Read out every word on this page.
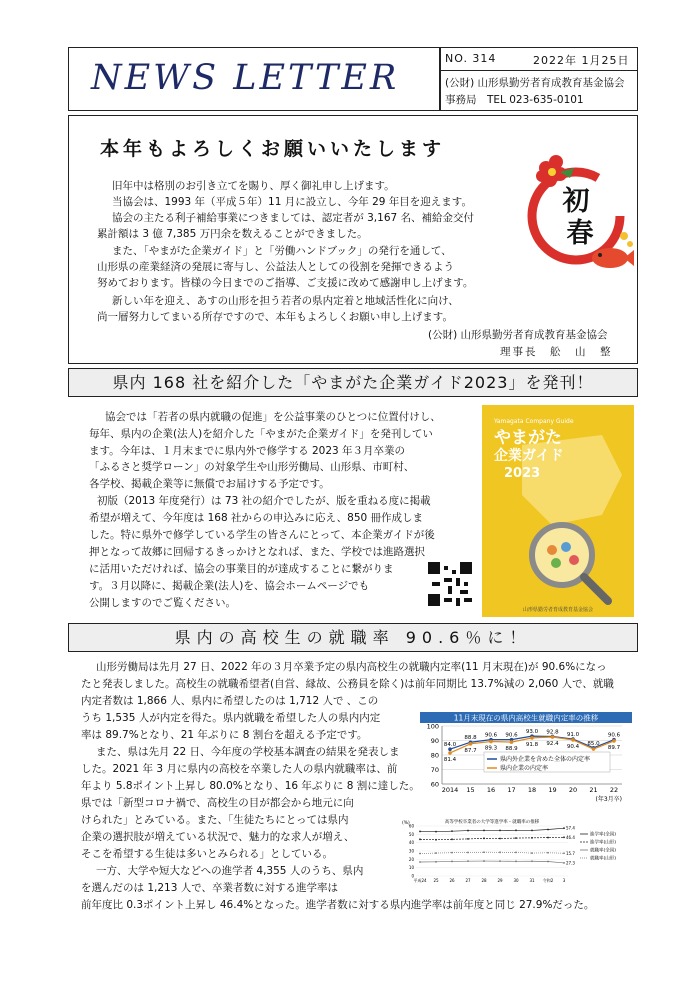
NEWS LETTER	NO. 314	2022年 1月25日
(公財) 山形県勤労者育成教育基金協会
事務局　TEL 023-635-0101
本年もよろしくお願いいたします
旧年中は格別のお引き立てを賜り、厚く御礼申し上げます。
当協会は、1993 年（平成５年）11 月に設立し、今年 29 年目を迎えます。
協会の主たる利子補給事業につきましては、認定者が 3,167 名、補給金交付
累計額は 3 億 7,385 万円余を数えることができました。
また、「やまがた企業ガイド」と「労働ハンドブック」の発行を通して、
山形県の産業経済の発展に寄与し、公益法人としての役割を発揮できるよう
努めております。皆様の今日までのご指導、ご支援に改めて感謝申し上げます。
新しい年を迎え、あすの山形を担う若者の県内定着と地域活性化に向け、
尚一層努力してまいる所存ですので、本年もよろしくお願い申し上げます。
(公財) 山形県勤労者育成教育基金協会
理事長　舩　山　整
初
春
県内 168 社を紹介した「やまがた企業ガイド2023」を発刊！
協会では「若者の県内就職の促進」を公益事業のひとつに位置付けし、
毎年、県内の企業(法人)を紹介した「やまがた企業ガイド」を発刊してい
ます。今年は、１月末までに県内外で修学する 2023 年３月卒業の
「ふるさと奨学ローン」の対象学生や山形労働局、山形県、市町村、
各学校、掲載企業等に無償でお届けする予定です。
初版（2013 年度発行）は 73 社の紹介でしたが、版を重ねる度に掲載
希望が増えて、今年度は 168 社からの申込みに応え、850 冊作成しま
した。特に県外で修学している学生の皆さんにとって、本企業ガイドが後
押となって故郷に回帰するきっかけとなれば、また、学校では進路選択
に活用いただければ、協会の事業目的が達成することに繋がりま
す。３月以降に、掲載企業(法人)を、協会ホームページでも
公開しますのでご覧ください。
Yamagata Company Guide
やまがた
企業ガイド
2023
山形県勤労者育成教育基金協会
県内の高校生の就職率 90.6％に！
山形労働局は先月 27 日、2022 年の３月卒業予定の県内高校生の就職内定率(11 月末現在)が 90.6%になっ
たと発表しました。高校生の就職希望者(自営、縁故、公務員を除く)は前年同期比 13.7%減の 2,060 人で、就職
内定者数は 1,866 人、県内に希望したのは 1,712 人で 、この
うち 1,535 人が内定を得た。県内就職を希望した人の県内内定
率は 89.7%となり、21 年ぶりに 8 割台を超える予定です。
また、県は先月 22 日、今年度の学校基本調査の結果を発表しま
した。2021 年 3 月に県内の高校を卒業した人の県内就職率は、前
年より 5.8ポイント上昇し 80.0%となり、16 年ぶりに 8 割に達した。
県では「新型コロナ禍で、高校生の目が都会から地元に向
けられた」とみている。また、「生徒たちにとっては県内
企業の選択肢が増えている状況で、魅力的な求人が増え、
そこを希望する生徒は多いとみられる」としている。
一方、大学や短大などへの進学者 4,355 人のうち、県内
を選んだのは 1,213 人で、卒業者数に対する進学率は
前年度比 0.3ポイント上昇し 46.4%となった。進学者数に対する県内進学率は前年度と同じ 27.9%だった。
11月末現在の県内高校生就職内定率の推移
60
70
80
90
100
2014 15 16 17 18 19 20 21 22
(年3月卒)
84.0
88.8 90.6 90.6
93.0 92.8 91.0
85.0
90.6
81.4
87.7 89.3 88.9
91.8 92.4 90.4	89.7
県内外企業を含めた全体の内定率
県内企業の内定率
高等学校卒業者の大学等進学率・就職率の推移
(%)
0
10
20
30
40
50
60
平成24 25	26	27	28	29	30	31 令和2 3
57.4
進学率(全国)
46.4
進学率(山形)
27.3
就職率(全国)
15.7
就職率(山形)
